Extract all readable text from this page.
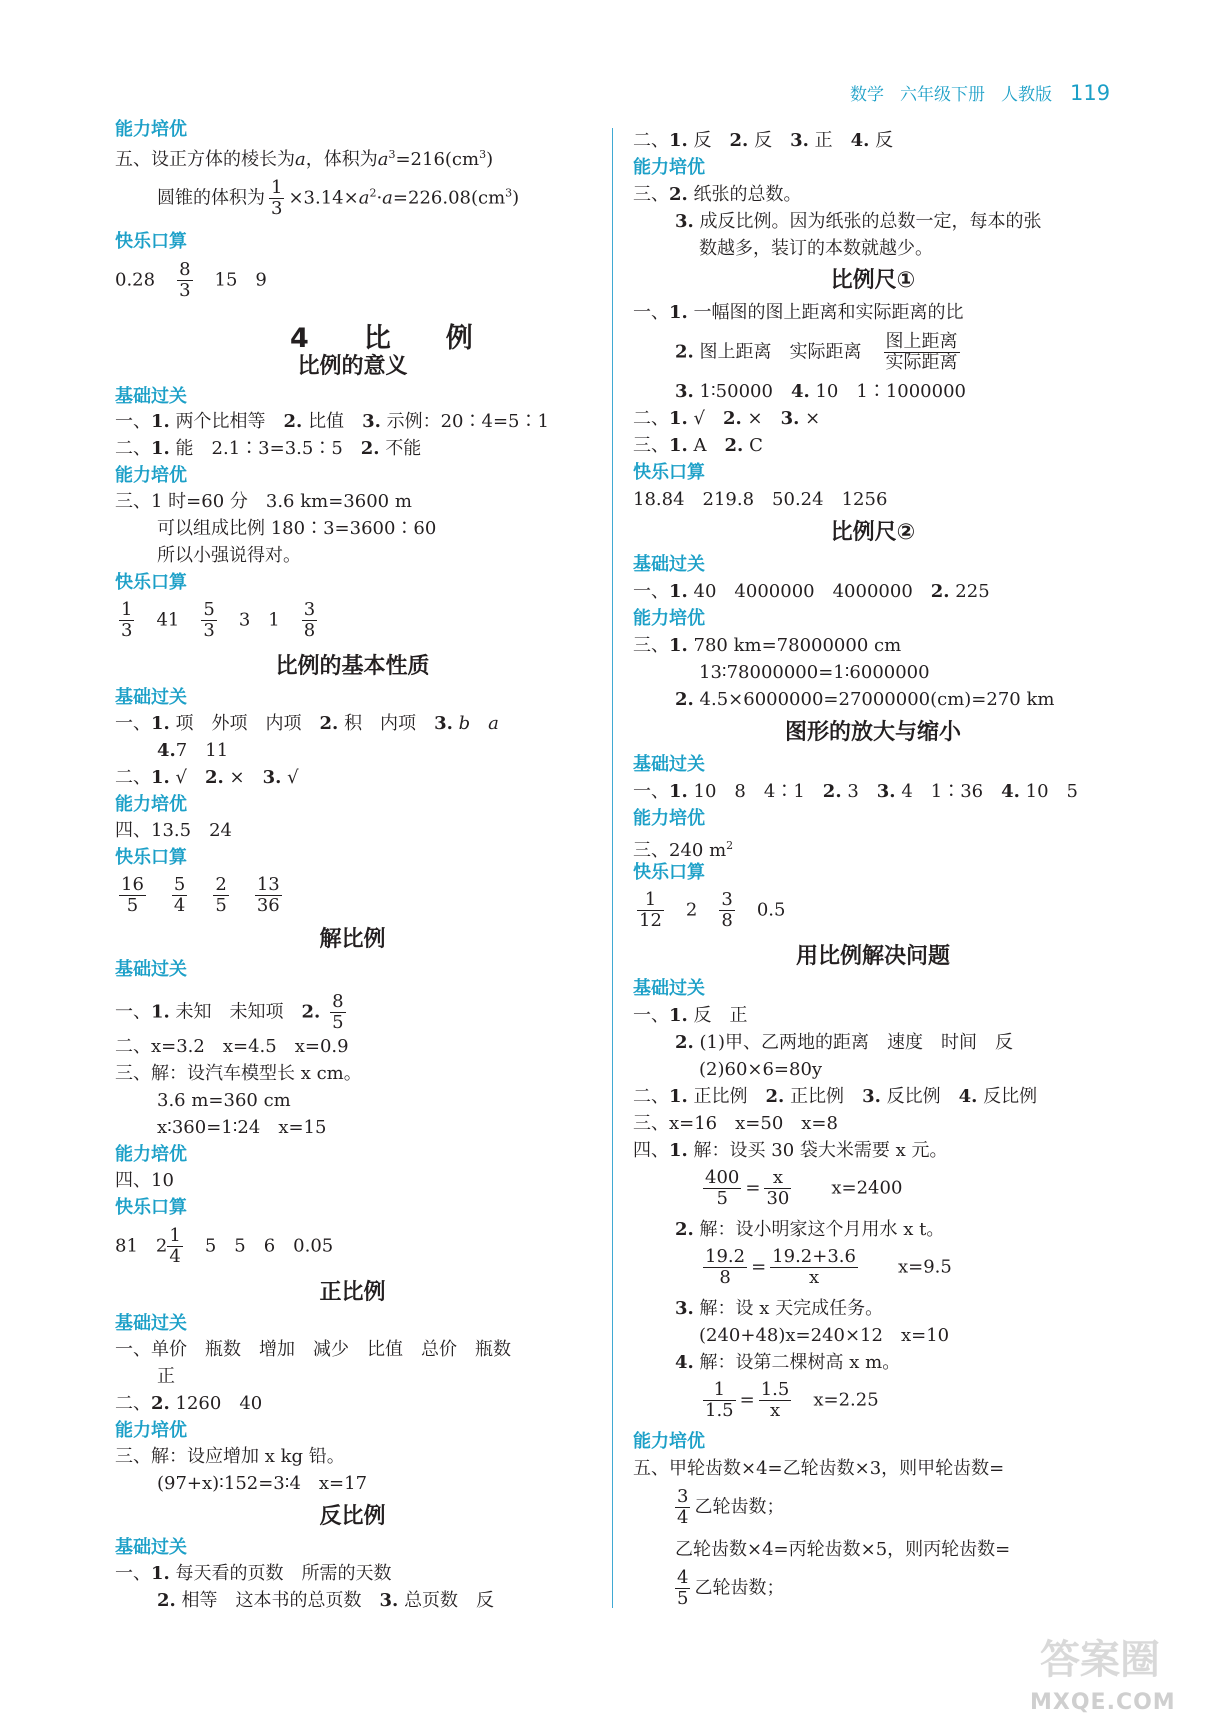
数学 六年级下册 人教版 119
能力培优
五、设正方体的棱长为a，体积为$a^3=216(cm^3)$
圆锥的体积为 $\frac{1}{3} \times 3.14\times a^2\cdot a=226.08(cm^3)$
快乐口算
0.28　 $\frac{8}{3}$
　 15　9
4　比　例
比例的意义
基础过关
一、1. 两个比相等　2. 比值　3. 示例：20∶4=5∶1
二、1. 能　2.1∶3=3.5∶5　2. 不能
能力培优
三、1 时=60 分　3.6 km=3600 m
可以组成比例 180∶3=3600∶60
所以小强说得对。
快乐口算
$\frac{1}{3}$
　 41　 $\frac{5}{3}$
　 3　1　 $\frac{3}{8}$
比例的基本性质
基础过关
一、1. 项　外项　内项　2. 积　内项　3. b　a
4.7　11
二、1. √　2. ×　3. √
能力培优
四、13.5　24
快乐口算
$\frac{16}{5}$
　 $\frac{5}{4}$
　 $\frac{2}{5}$
　 $\frac{13}{36}$
解比例
基础过关
一、1. 未知　未知项　2. $\frac{8}{5}$
二、x=3.2　x=4.5　x=0.9
三、解：设汽车模型长 x cm。
3.6 m=360 cm
x∶360=1∶24　x=15
能力培优
四、10
快乐口算
81　$2 \frac{1}{4}$
　 5　5　6　0.05
正比例
基础过关
一、单价　瓶数　增加　减少　比值　总价　瓶数
正
二、2. 1260　40
能力培优
三、解：设应增加 x kg 铅。
(97+x)∶152=3∶4　x=17
反比例
基础过关
一、1. 每天看的页数　所需的天数
2. 相等　这本书的总页数　3. 总页数　反
二、1. 反　2. 反　3. 正　4. 反
能力培优
三、2. 纸张的总数。
3. 成反比例。因为纸张的总数一定，每本的张
数越多，装订的本数就越少。
比例尺①
一、1. 一幅图的图上距离和实际距离的比
2. 图上距离　实际距离　 图上距离
实际距离
3. 1∶50000　4. 10　1∶1000000
二、1. √　2. ×　3. ×
三、1. A　2. C
快乐口算
18.84　219.8　50.24　1256
比例尺②
基础过关
一、1. 40　4000000　4000000　2. 225
能力培优
三、1. 780 km=78000000 cm
13∶78000000=1∶6000000
2. 4.5×6000000=27000000(cm)=270 km
图形的放大与缩小
基础过关
一、1. 10　8　4∶1　2. 3　3. 4　1∶36　4. 10　5
能力培优
三、240 $m^2$
快乐口算
$\frac{1}{12}$
　 2　 $\frac{3}{8}$
　 0.5
用比例解决问题
基础过关
一、1. 反　正
2. (1)甲、乙两地的距离　速度　时间　反
(2)60×6=80y
二、1. 正比例　2. 正比例　3. 反比例　4. 反比例
三、x=16　x=50　x=8
四、1. 解：设买 30 袋大米需要 x 元。
$\frac{400}{5} = \frac{x}{30}$
　　 x=2400
2. 解：设小明家这个月用水 x t。
$\frac{19.2}{8} = \frac{19.2+3.6}{x}$
　　 x=9.5
3. 解：设 x 天完成任务。
(240+48)x=240×12　x=10
4. 解：设第二棵树高 x m。
$\frac{1}{1.5} = \frac{1.5}{x}$
　 x=2.25
能力培优
五、甲轮齿数×4=乙轮齿数×3，则甲轮齿数=
$\frac{3}{4}$ 乙轮齿数；
乙轮齿数×4=丙轮齿数×5，则丙轮齿数=
$\frac{4}{5}$ 乙轮齿数；
答案圈
MXQE.COM
